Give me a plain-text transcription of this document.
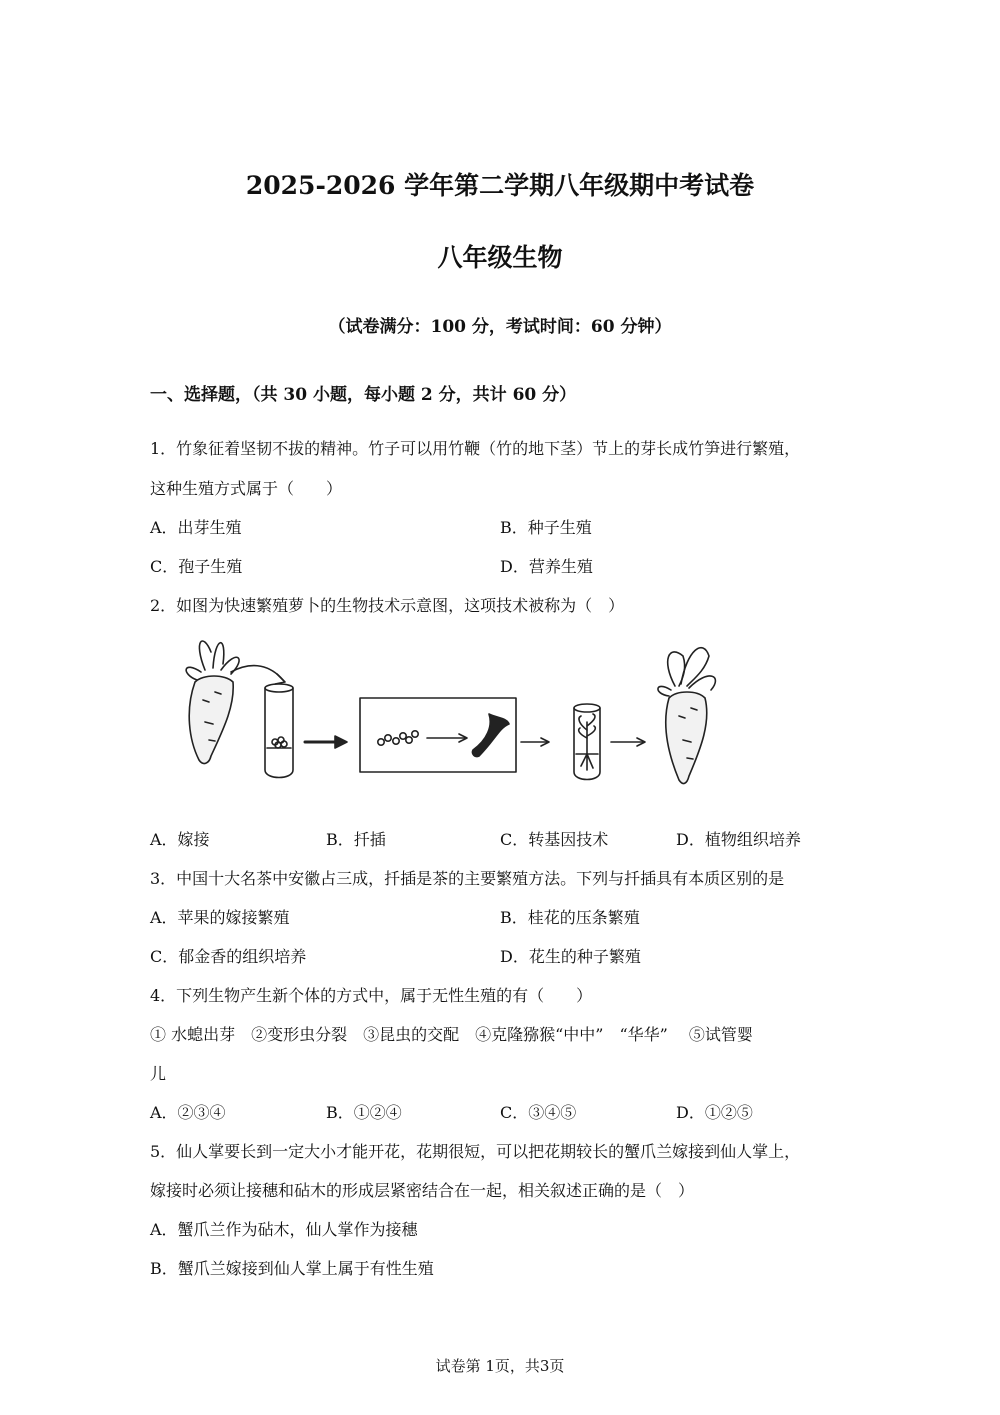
2025-2026 学年第二学期八年级期中考试卷
八年级生物
（试卷满分：100 分，考试时间：60 分钟）
一、选择题，（共 30 小题，每小题 2 分，共计 60 分）
1．竹象征着坚韧不拔的精神。竹子可以用竹鞭（竹的地下茎）节上的芽长成竹笋进行繁殖，
这种生殖方式属于（　　）
A．出芽生殖	B．种子生殖
C．孢子生殖	D．营养生殖
2．如图为快速繁殖萝卜的生物技术示意图，这项技术被称为（　）
A．嫁接	B．扦插	C．转基因技术	D．植物组织培养
3．中国十大名茶中安徽占三成，扦插是茶的主要繁殖方法。下列与扦插具有本质区别的是
A．苹果的嫁接繁殖	B．桂花的压条繁殖
C．郁金香的组织培养	D．花生的种子繁殖
4．下列生物产生新个体的方式中，属于无性生殖的有（　　）
① 水螅出芽　②变形虫分裂　③昆虫的交配　④克隆猕猴“中中”　“华华”　 ⑤试管婴
儿
A．②③④	B．①②④	C．③④⑤	D．①②⑤
5．仙人掌要长到一定大小才能开花，花期很短，可以把花期较长的蟹爪兰嫁接到仙人掌上，
嫁接时必须让接穗和砧木的形成层紧密结合在一起，相关叙述正确的是（　）
A．蟹爪兰作为砧木，仙人掌作为接穗
B．蟹爪兰嫁接到仙人掌上属于有性生殖
试卷第 1页，共3页
